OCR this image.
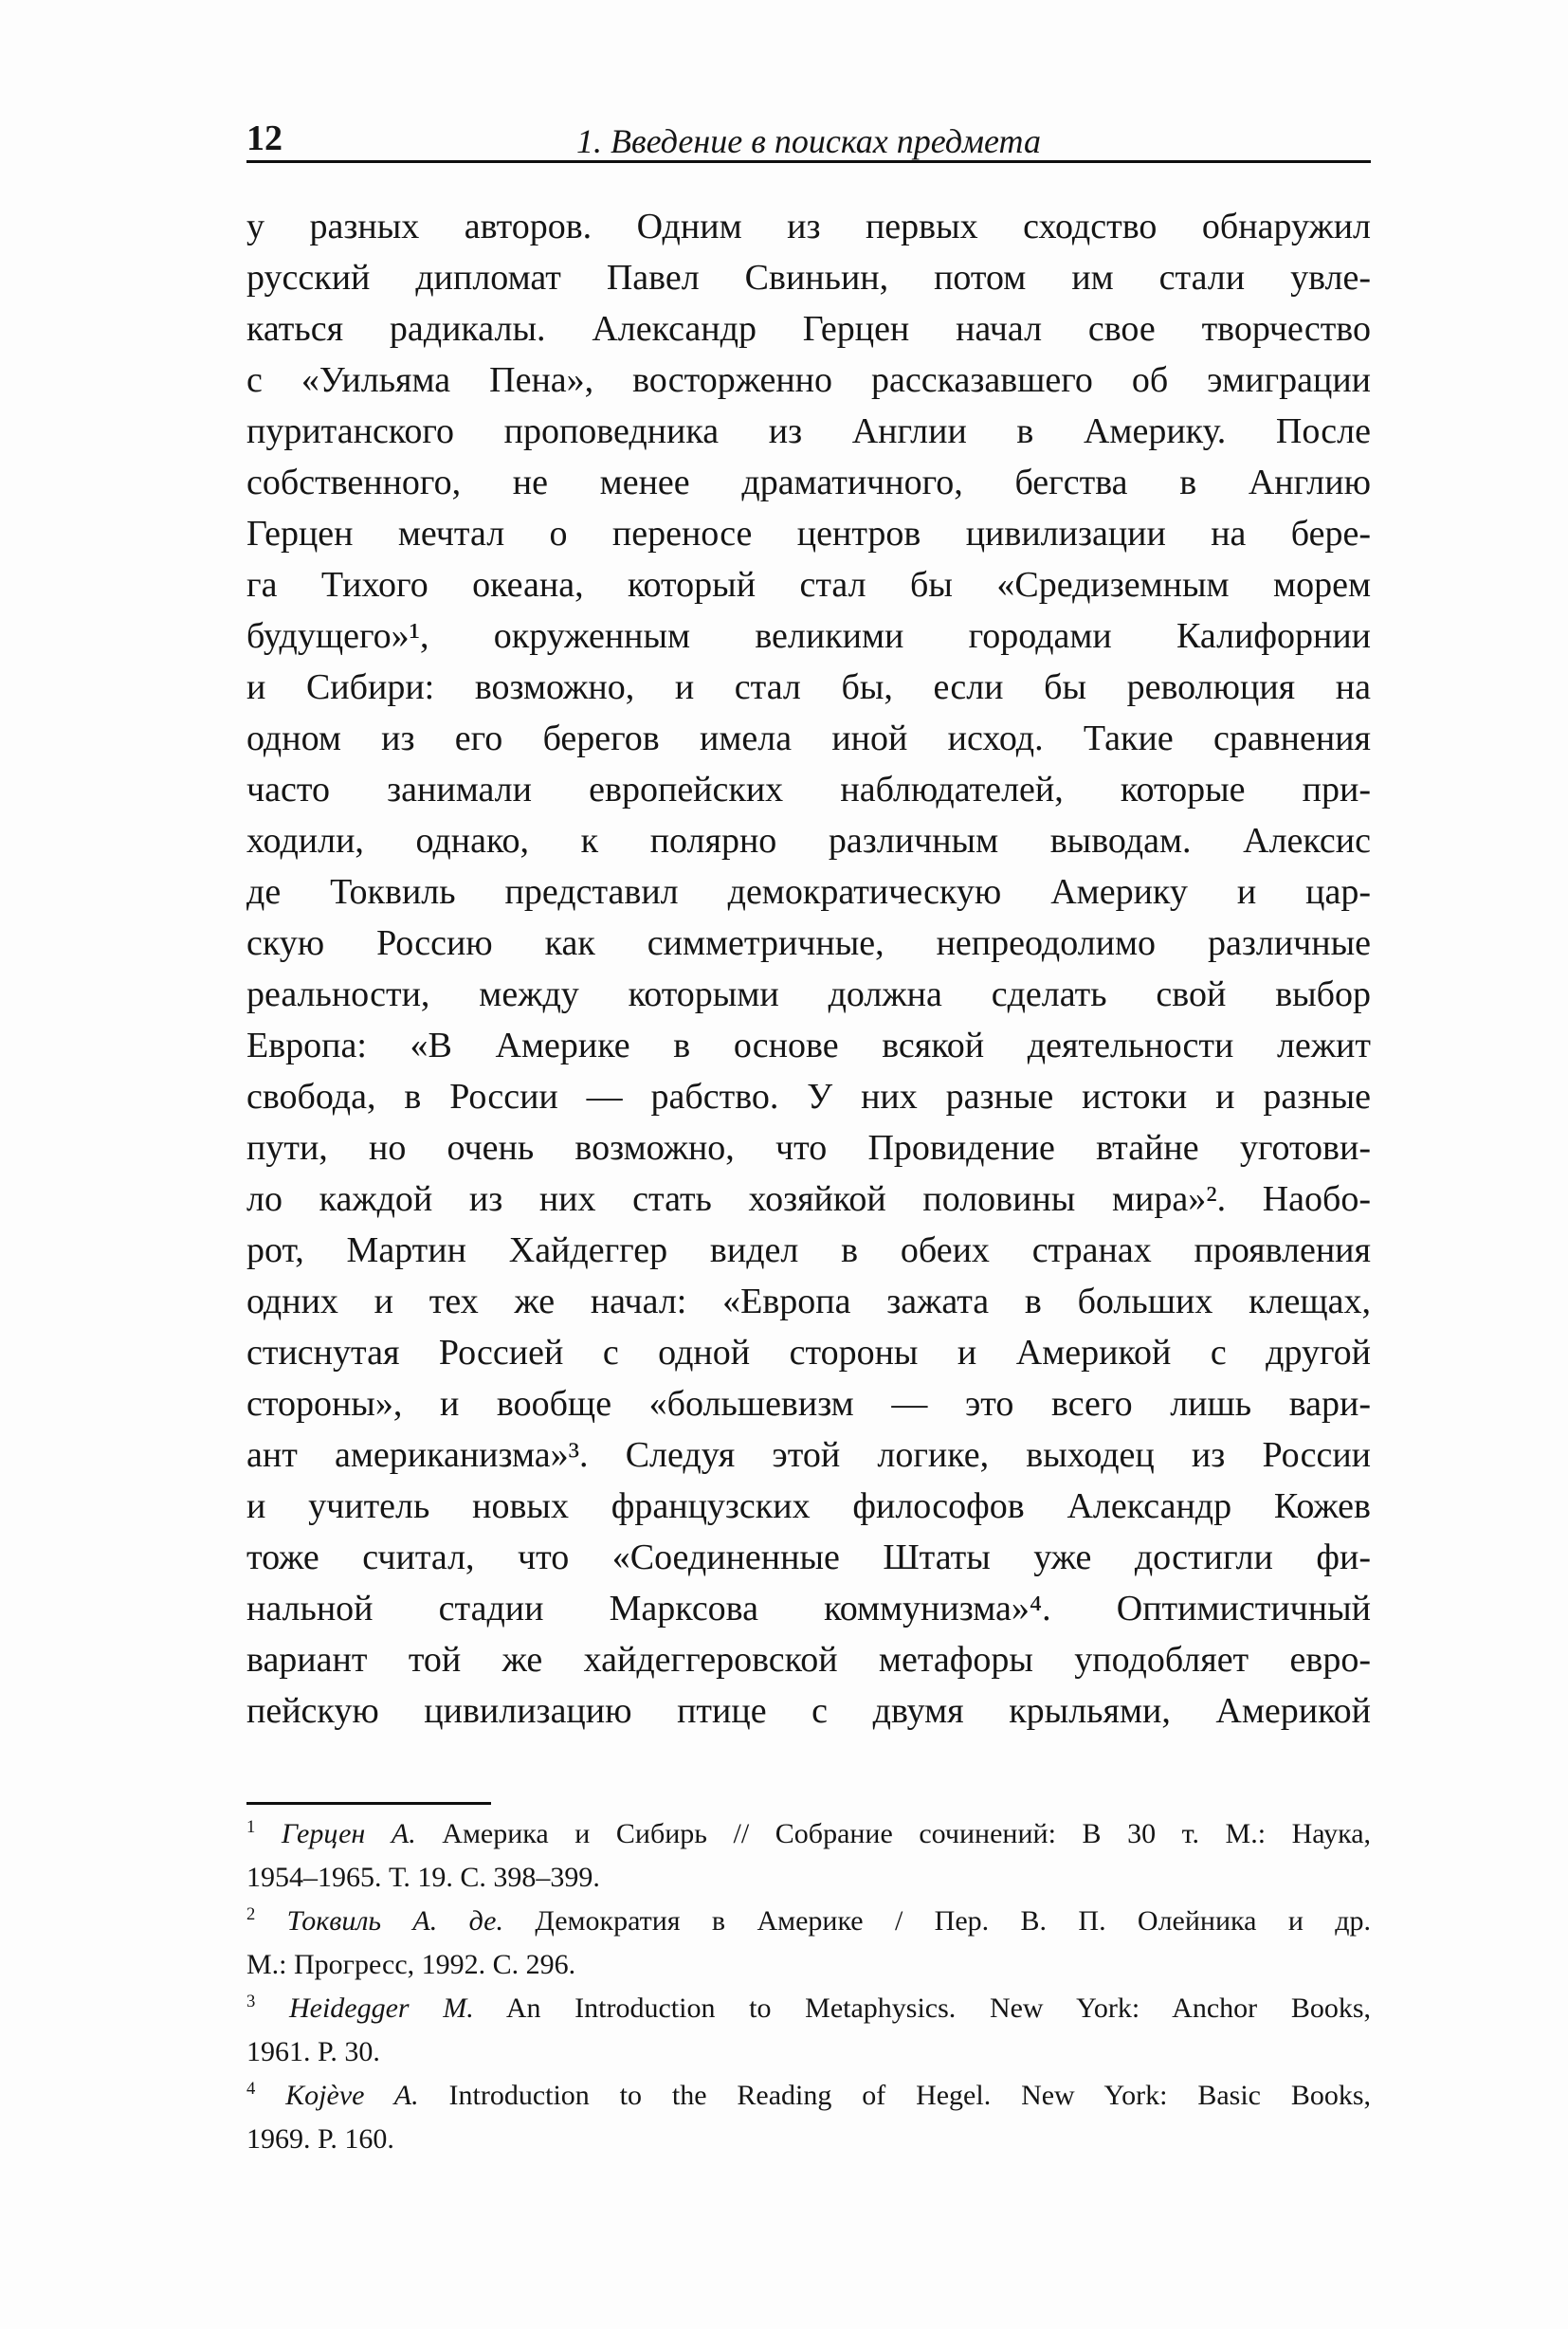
12	1. Введение в поисках предмета
у разных авторов. Одним из первых сходство обнаружил
русский дипломат Павел Свиньин, потом им стали увле-
каться радикалы. Александр Герцен начал свое творчество
с «Уильяма Пена», восторженно рассказавшего об эмиграции
пуританского проповедника из Англии в Америку. После
собственного, не менее драматичного, бегства в Англию
Герцен мечтал о переносе центров цивилизации на бере-
га Тихого океана, который стал бы «Средиземным морем
будущего»¹, окруженным великими городами Калифорнии
и Сибири: возможно, и стал бы, если бы революция на
одном из его берегов имела иной исход. Такие сравнения
часто занимали европейских наблюдателей, которые при-
ходили, однако, к полярно различным выводам. Алексис
де Токвиль представил демократическую Америку и цар-
скую Россию как симметричные, непреодолимо различные
реальности, между которыми должна сделать свой выбор
Европа: «В Америке в основе всякой деятельности лежит
свобода, в России — рабство. У них разные истоки и разные
пути, но очень возможно, что Провидение втайне уготови-
ло каждой из них стать хозяйкой половины мира»². Наобо-
рот, Мартин Хайдеггер видел в обеих странах проявления
одних и тех же начал: «Европа зажата в больших клещах,
стиснутая Россией с одной стороны и Америкой с другой
стороны», и вообще «большевизм — это всего лишь вари-
ант американизма»³. Следуя этой логике, выходец из России
и учитель новых французских философов Александр Кожев
тоже считал, что «Соединенные Штаты уже достигли фи-
нальной стадии Марксова коммунизма»⁴. Оптимистичный
вариант той же хайдеггеровской метафоры уподобляет евро-
пейскую цивилизацию птице с двумя крыльями, Америкой
$^1$ Герцен А. Америка и Сибирь // Собрание сочинений: В 30 т. М.: Наука,
1954–1965. Т. 19. С. 398–399.
$^2$ Токвиль А. де. Демократия в Америке / Пер. В. П. Олейника и др.
М.: Прогресс, 1992. С. 296.
$^3$ Heidegger M. An Introduction to Metaphysics. New York: Anchor Books,
1961. P. 30.
$^4$ Kojève A. Introduction to the Reading of Hegel. New York: Basic Books,
1969. P. 160.
